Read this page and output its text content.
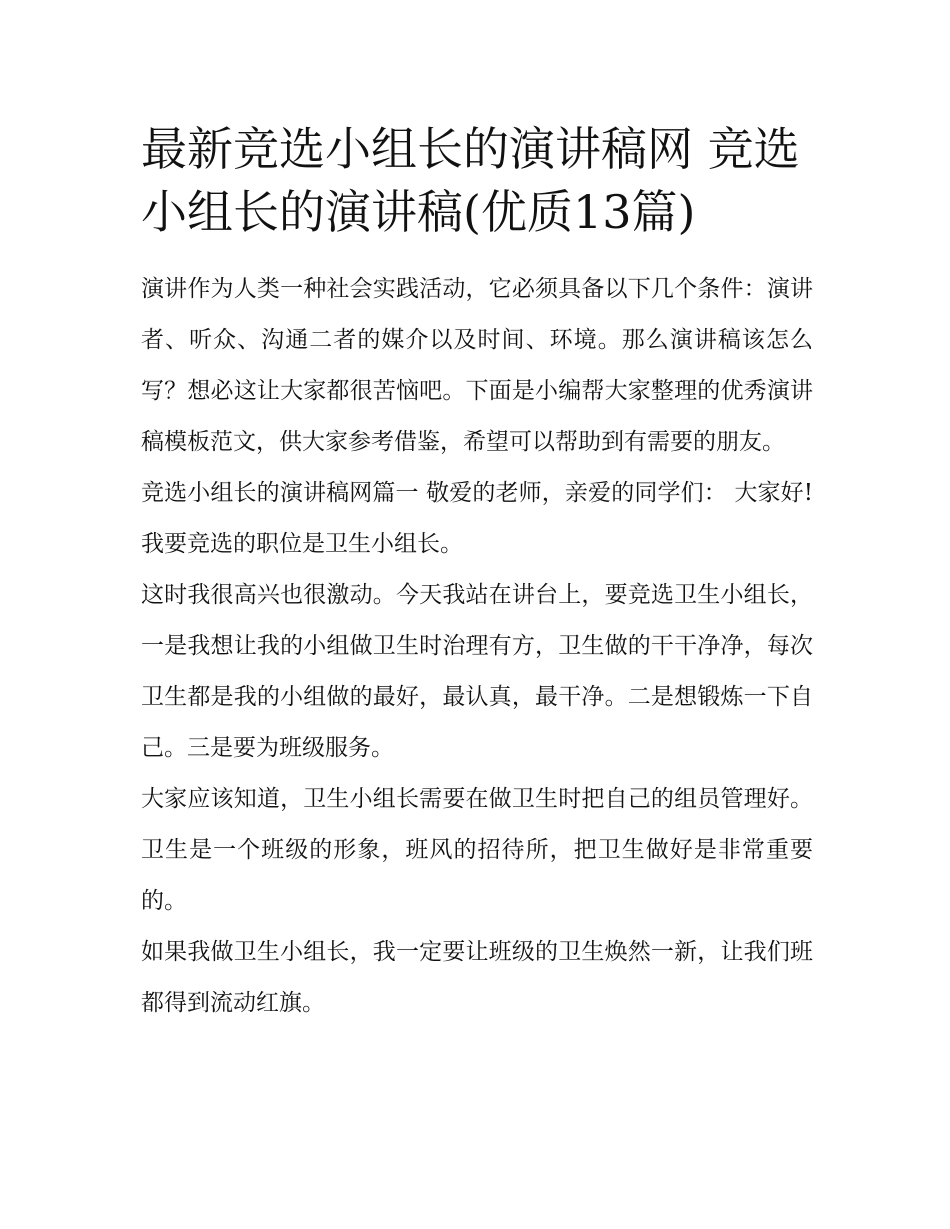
最新竞选小组长的演讲稿网 竞选小组长的演讲稿(优质13篇)

演讲作为人类一种社会实践活动，它必须具备以下几个条件：演讲者、听众、沟通二者的媒介以及时间、环境。那么演讲稿该怎么写？想必这让大家都很苦恼吧。下面是小编帮大家整理的优秀演讲稿模板范文，供大家参考借鉴，希望可以帮助到有需要的朋友。

竞选小组长的演讲稿网篇一 敬爱的老师，亲爱的同学们： 大家好!我要竞选的职位是卫生小组长。

这时我很高兴也很激动。今天我站在讲台上，要竞选卫生小组长，一是我想让我的小组做卫生时治理有方，卫生做的干干净净，每次卫生都是我的小组做的最好，最认真，最干净。二是想锻炼一下自己。三是要为班级服务。

大家应该知道，卫生小组长需要在做卫生时把自己的组员管理好。卫生是一个班级的形象，班风的招待所，把卫生做好是非常重要的。

如果我做卫生小组长，我一定要让班级的卫生焕然一新，让我们班都得到流动红旗。
